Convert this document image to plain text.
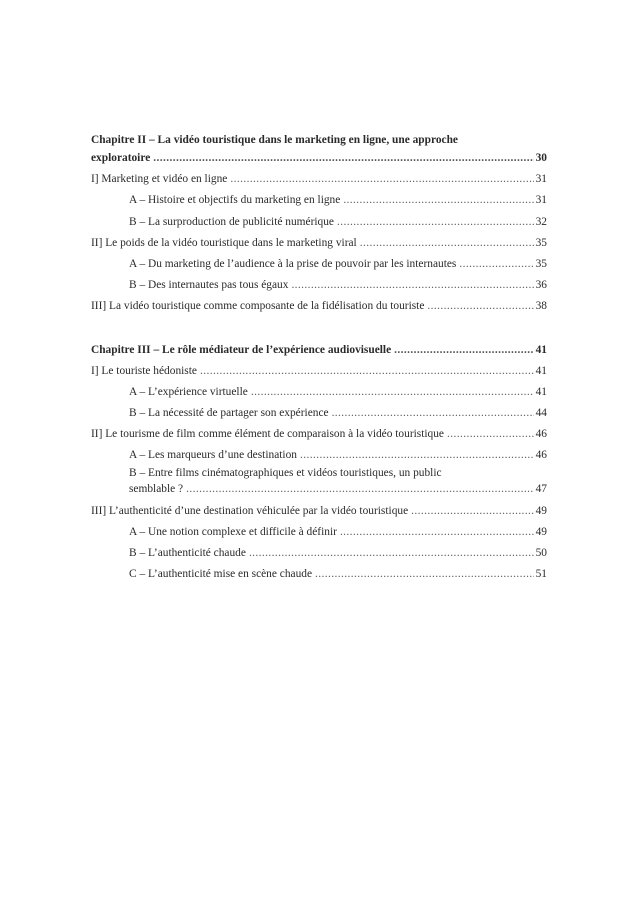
Chapitre II – La vidéo touristique dans le marketing en ligne, une approche
exploratoire .....	30
I] Marketing et vidéo en ligne .....	31
A – Histoire et objectifs du marketing en ligne .....	31
B – La surproduction de publicité numérique .....	32
II] Le poids de la vidéo touristique dans le marketing viral .....	35
A – Du marketing de l’audience à la prise de pouvoir par les internautes .....	35
B – Des internautes pas tous égaux .....	36
III] La vidéo touristique comme composante de la fidélisation du touriste .....	38
Chapitre III – Le rôle médiateur de l’expérience audiovisuelle .....	41
I] Le touriste hédoniste .....	41
A – L’expérience virtuelle .....	41
B – La nécessité de partager son expérience .....	44
II] Le tourisme de film comme élément de comparaison à la vidéo touristique .....	46
A – Les marqueurs d’une destination .....	46
B – Entre films cinématographiques et vidéos touristiques, un public
semblable ? .....	47
III] L’authenticité d’une destination véhiculée par la vidéo touristique .....	49
A – Une notion complexe et difficile à définir .....	49
B – L’authenticité chaude .....	50
C – L’authenticité mise en scène chaude .....	51
